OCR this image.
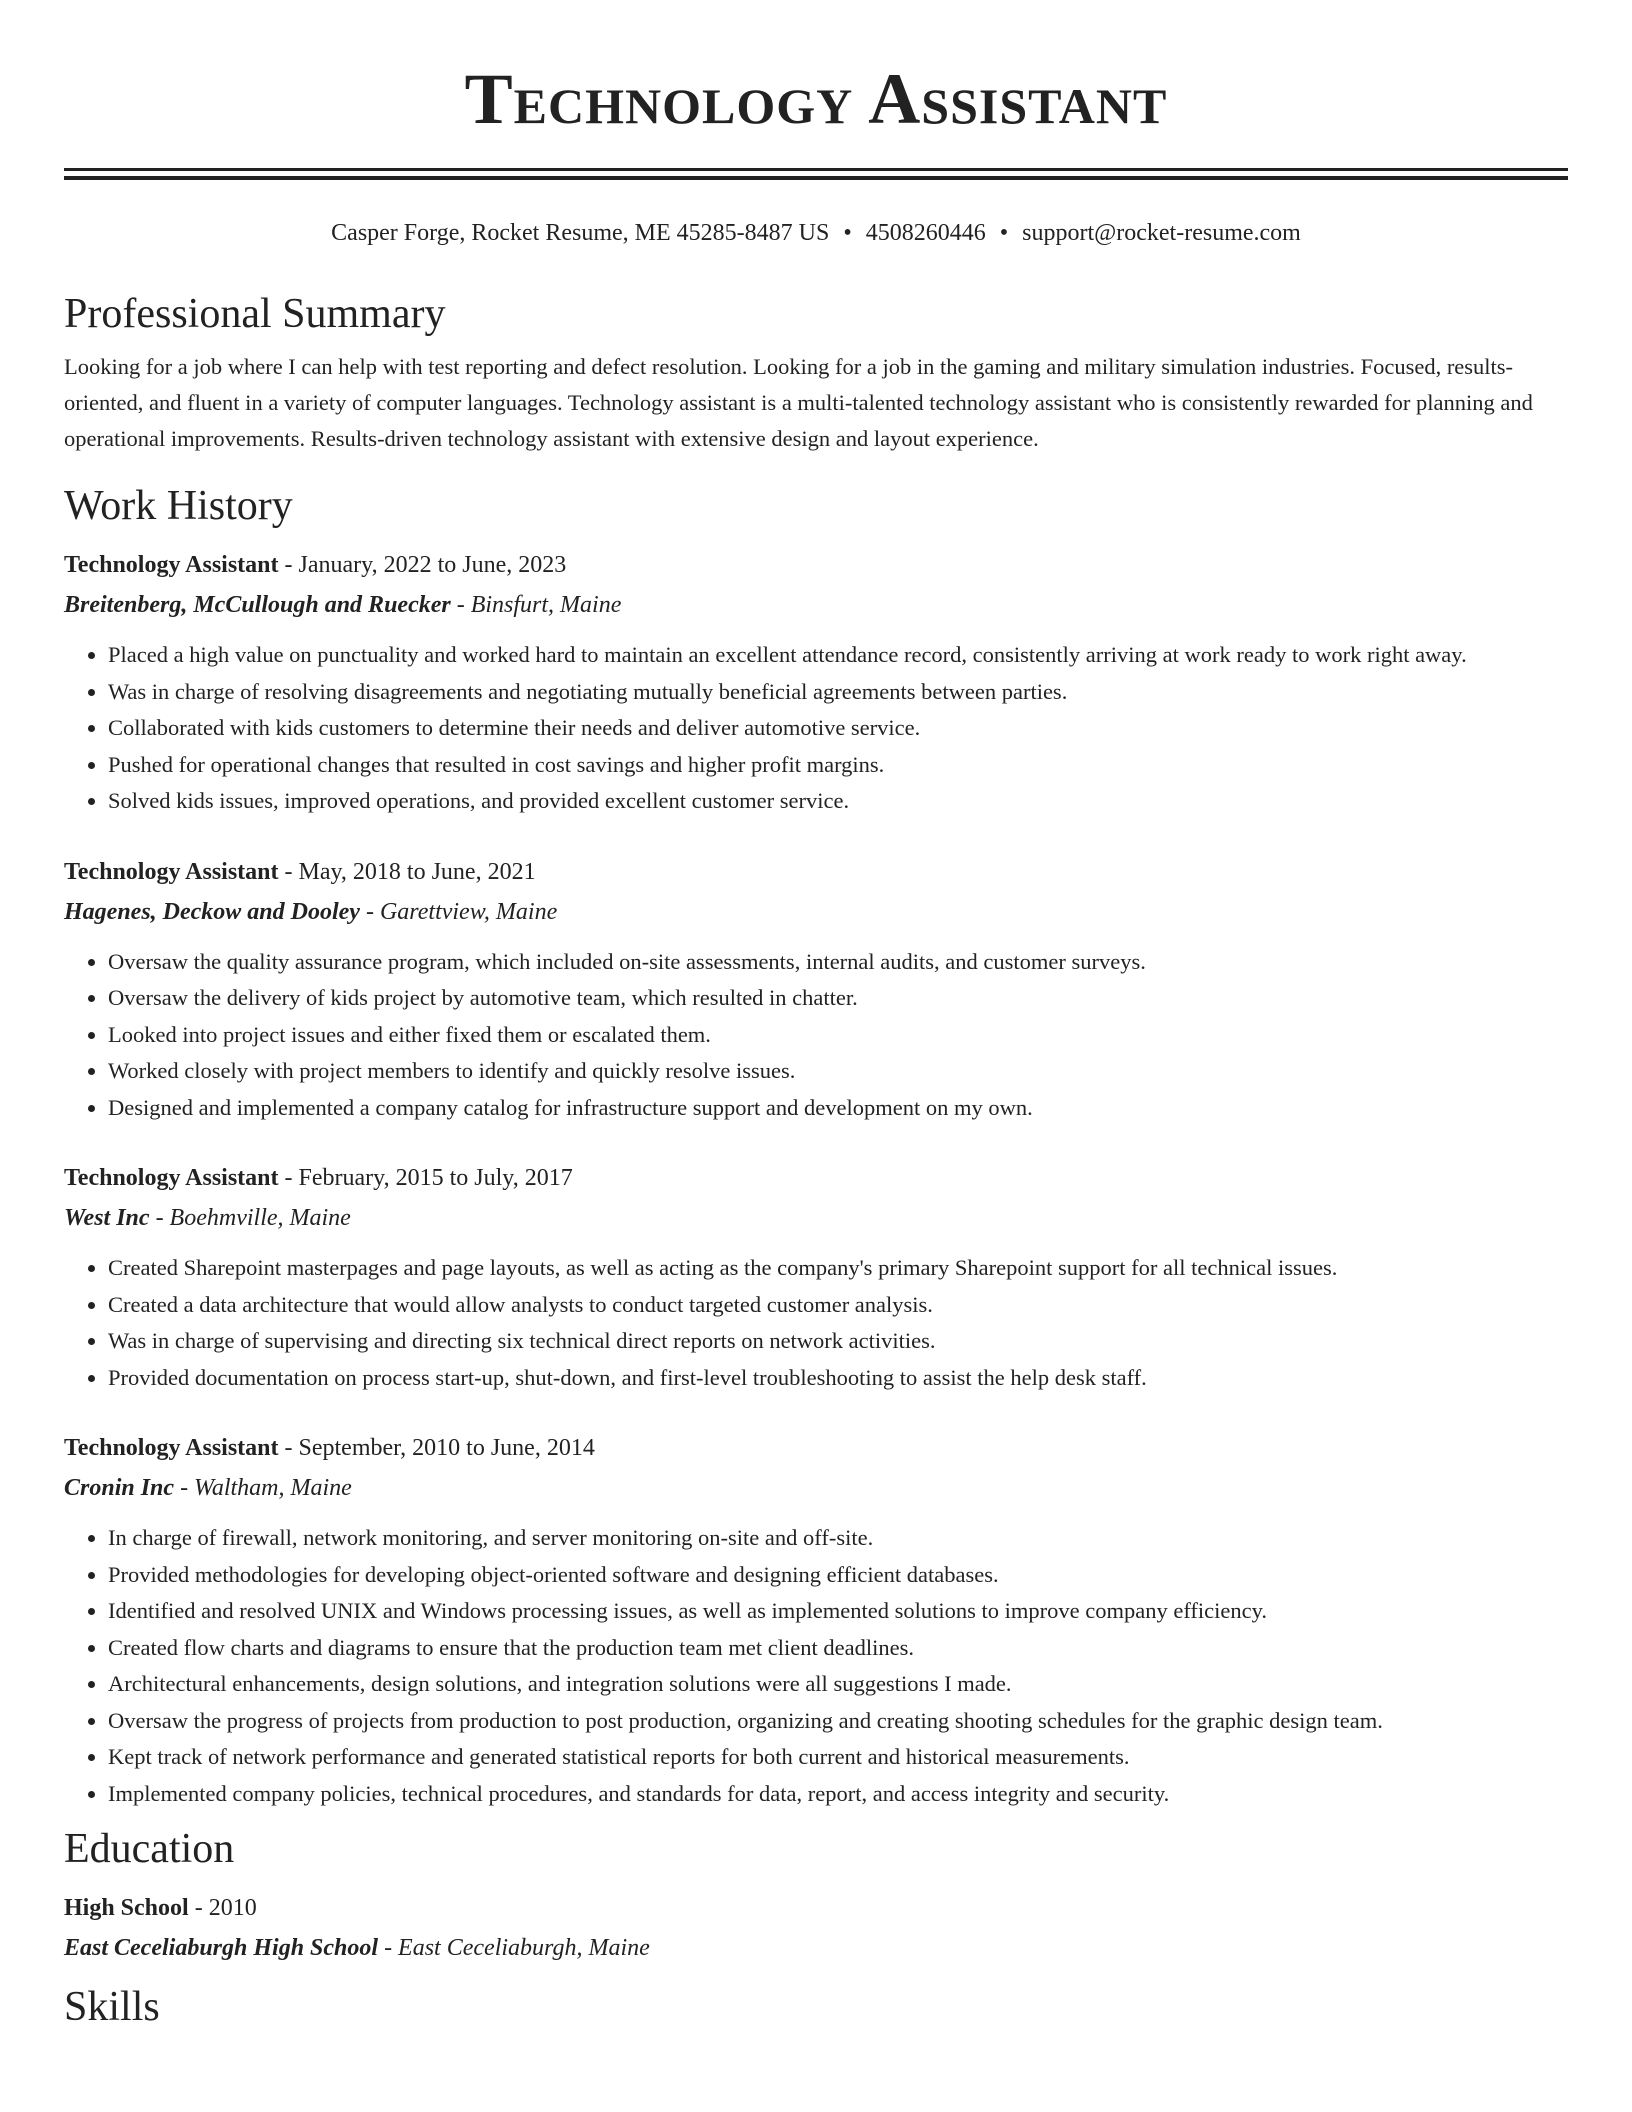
Technology Assistant
Casper Forge, Rocket Resume, ME 45285-8487 US • 4508260446 • support@rocket-resume.com
Professional Summary

Looking for a job where I can help with test reporting and defect resolution. Looking for a job in the gaming and military simulation industries. Focused, results-oriented, and fluent in a variety of computer languages. Technology assistant is a multi-talented technology assistant who is consistently rewarded for planning and operational improvements. Results-driven technology assistant with extensive design and layout experience.

Work History
Technology Assistant - January, 2022 to June, 2023
Breitenberg, McCullough and Ruecker - Binsfurt, Maine
• Placed a high value on punctuality and worked hard to maintain an excellent attendance record, consistently arriving at work ready to work right away.
• Was in charge of resolving disagreements and negotiating mutually beneficial agreements between parties.
• Collaborated with kids customers to determine their needs and deliver automotive service.
• Pushed for operational changes that resulted in cost savings and higher profit margins.
• Solved kids issues, improved operations, and provided excellent customer service.
Technology Assistant - May, 2018 to June, 2021
Hagenes, Deckow and Dooley - Garettview, Maine
• Oversaw the quality assurance program, which included on-site assessments, internal audits, and customer surveys.
• Oversaw the delivery of kids project by automotive team, which resulted in chatter.
• Looked into project issues and either fixed them or escalated them.
• Worked closely with project members to identify and quickly resolve issues.
• Designed and implemented a company catalog for infrastructure support and development on my own.
Technology Assistant - February, 2015 to July, 2017
West Inc - Boehmville, Maine
• Created Sharepoint masterpages and page layouts, as well as acting as the company's primary Sharepoint support for all technical issues.
• Created a data architecture that would allow analysts to conduct targeted customer analysis.
• Was in charge of supervising and directing six technical direct reports on network activities.
• Provided documentation on process start-up, shut-down, and first-level troubleshooting to assist the help desk staff.
Technology Assistant - September, 2010 to June, 2014
Cronin Inc - Waltham, Maine
• In charge of firewall, network monitoring, and server monitoring on-site and off-site.
• Provided methodologies for developing object-oriented software and designing efficient databases.
• Identified and resolved UNIX and Windows processing issues, as well as implemented solutions to improve company efficiency.
• Created flow charts and diagrams to ensure that the production team met client deadlines.
• Architectural enhancements, design solutions, and integration solutions were all suggestions I made.
• Oversaw the progress of projects from production to post production, organizing and creating shooting schedules for the graphic design team.
• Kept track of network performance and generated statistical reports for both current and historical measurements.
• Implemented company policies, technical procedures, and standards for data, report, and access integrity and security.
Education
High School - 2010
East Ceceliaburgh High School - East Ceceliaburgh, Maine
Skills
